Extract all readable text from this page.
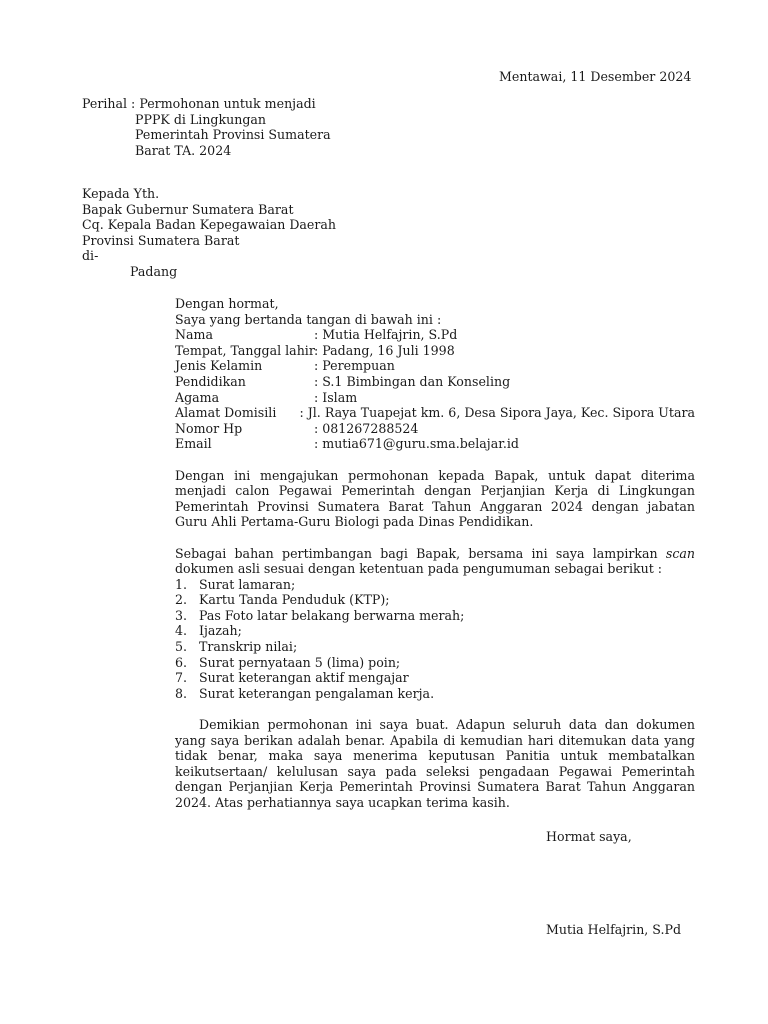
Mentawai, 11 Desember 2024
Perihal : Permohonan untuk menjadi
PPPK di Lingkungan
Pemerintah Provinsi Sumatera
Barat TA. 2024
Kepada Yth.
Bapak Gubernur Sumatera Barat
Cq. Kepala Badan Kepegawaian Daerah
Provinsi Sumatera Barat
di-
Padang
Dengan hormat,
Saya yang bertanda tangan di bawah ini :
Nama	: Mutia Helfajrin, S.Pd
Tempat, Tanggal lahir : Padang, 16 Juli 1998
Jenis Kelamin	: Perempuan
Pendidikan	: S.1 Bimbingan dan Konseling
Agama	: Islam
Alamat Domisili	: Jl. Raya Tuapejat km. 6, Desa Sipora Jaya, Kec. Sipora Utara
Nomor Hp	: 081267288524
Email	: mutia671@guru.sma.belajar.id
Dengan ini mengajukan permohonan kepada Bapak, untuk dapat diterima menjadi calon Pegawai Pemerintah dengan Perjanjian Kerja di Lingkungan Pemerintah Provinsi Sumatera Barat Tahun Anggaran 2024 dengan jabatan Guru Ahli Pertama-Guru Biologi pada Dinas Pendidikan.
Sebagai bahan pertimbangan bagi Bapak, bersama ini saya lampirkan scan dokumen asli sesuai dengan ketentuan pada pengumuman sebagai berikut :
1. Surat lamaran;
2. Kartu Tanda Penduduk (KTP);
3. Pas Foto latar belakang berwarna merah;
4. Ijazah;
5. Transkrip nilai;
6. Surat pernyataan 5 (lima) poin;
7. Surat keterangan aktif mengajar
8. Surat keterangan pengalaman kerja.
Demikian permohonan ini saya buat. Adapun seluruh data dan dokumen yang saya berikan adalah benar. Apabila di kemudian hari ditemukan data yang tidak benar, maka saya menerima keputusan Panitia untuk membatalkan keikutsertaan/ kelulusan saya pada seleksi pengadaan Pegawai Pemerintah dengan Perjanjian Kerja Pemerintah Provinsi Sumatera Barat Tahun Anggaran 2024. Atas perhatiannya saya ucapkan terima kasih.
Hormat saya,
Mutia Helfajrin, S.Pd
